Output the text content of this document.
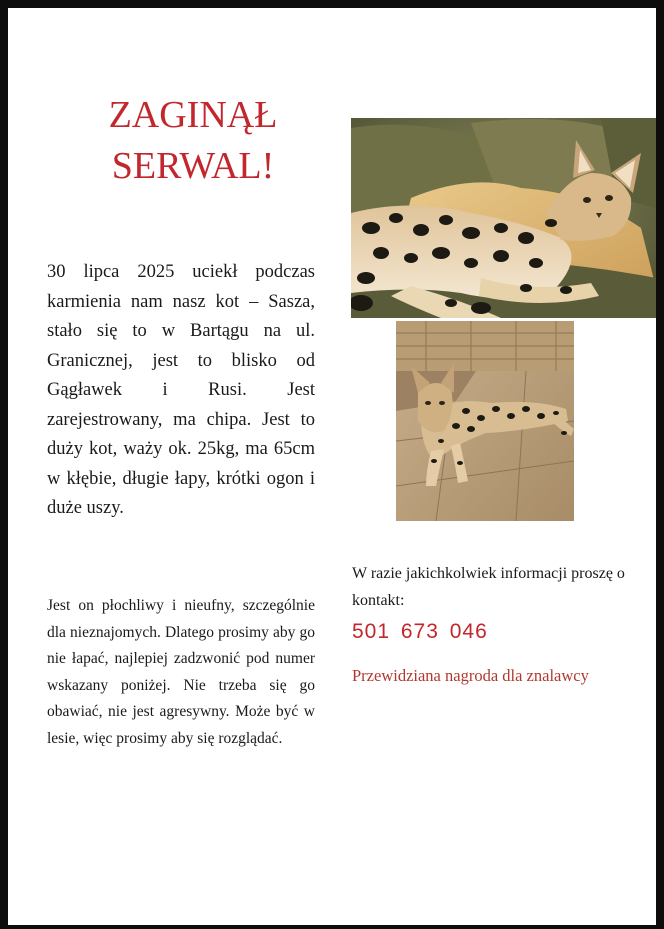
ZAGINĄŁ
SERWAL!

30 lipca 2025 uciekł podczas karmienia nam nasz kot – Sasza, stało się to w Bartągu na ul. Granicznej, jest to blisko od Gągławek i Rusi. Jest zarejestrowany, ma chipa. Jest to duży kot, waży ok. 25kg, ma 65cm w kłębie, długie łapy, krótki ogon i duże uszy.

Jest on płochliwy i nieufny, szczególnie dla nieznajomych. Dlatego prosimy aby go nie łapać, najlepiej zadzwonić pod numer wskazany poniżej. Nie trzeba się go obawiać, nie jest agresywny. Może być w lesie, więc prosimy aby się rozglądać.

W razie jakichkolwiek informacji proszę o kontakt:

501 673 046

Przewidziana nagroda dla znalawcy
